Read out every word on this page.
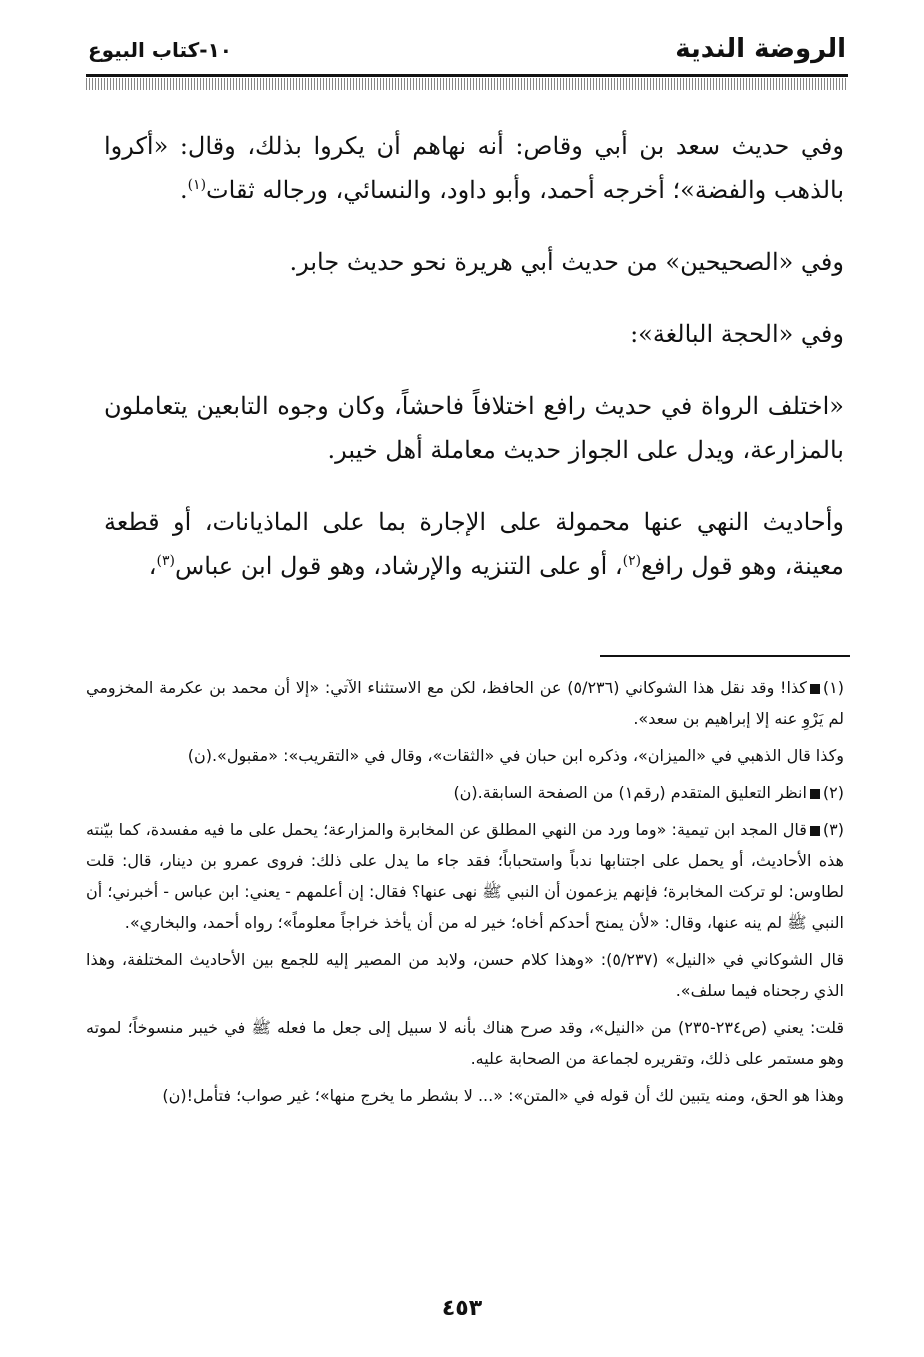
الروضة الندية
١٠-كتاب البيوع

وفي حديث سعد بن أبي وقاص: أنه نهاهم أن يكروا بذلك، وقال: «أكروا بالذهب والفضة»؛ أخرجه أحمد، وأبو داود، والنسائي، ورجاله ثقات$^{(١)}$.

وفي «الصحيحين» من حديث أبي هريرة نحو حديث جابر.

وفي «الحجة البالغة»:

«اختلف الرواة في حديث رافع اختلافاً فاحشاً، وكان وجوه التابعين يتعاملون بالمزارعة، ويدل على الجواز حديث معاملة أهل خيبر.

وأحاديث النهي عنها محمولة على الإجارة بما على الماذيانات، أو قطعة معينة، وهو قول رافع$^{(٢)}$، أو على التنزيه والإرشاد، وهو قول ابن عباس$^{(٣)}$،

(١)كذا! وقد نقل هذا الشوكاني (٥/٢٣٦) عن الحافظ، لكن مع الاستثناء الآتي: «إلا أن محمد بن عكرمة المخزومي لم يَرْوِ عنه إلا إبراهيم بن سعد».

وكذا قال الذهبي في «الميزان»، وذكره ابن حبان في «الثقات»، وقال في «التقريب»: «مقبول».(ن)

(٢)انظر التعليق المتقدم (رقم١) من الصفحة السابقة.(ن)

(٣)قال المجد ابن تيمية: «وما ورد من النهي المطلق عن المخابرة والمزارعة؛ يحمل على ما فيه مفسدة، كما بيّنته هذه الأحاديث، أو يحمل على اجتنابها ندباً واستحباباً؛ فقد جاء ما يدل على ذلك: فروى عمرو بن دينار، قال: قلت لطاوس: لو تركت المخابرة؛ فإنهم يزعمون أن النبي ﷺ نهى عنها؟ فقال: إن أعلمهم - يعني: ابن عباس - أخبرني؛ أن النبي ﷺ لم ينه عنها، وقال: «لأن يمنح أحدكم أخاه؛ خير له من أن يأخذ خراجاً معلوماً»؛ رواه أحمد، والبخاري».

قال الشوكاني في «النيل» (٥/٢٣٧): «وهذا كلام حسن، ولابد من المصير إليه للجمع بين الأحاديث المختلفة، وهذا الذي رجحناه فيما سلف».

قلت: يعني (ص٢٣٤-٢٣٥) من «النيل»، وقد صرح هناك بأنه لا سبيل إلى جعل ما فعله ﷺ في خيبر منسوخاً؛ لموته وهو مستمر على ذلك، وتقريره لجماعة من الصحابة عليه.

وهذا هو الحق، ومنه يتبين لك أن قوله في «المتن»: «... لا بشطر ما يخرج منها»؛ غير صواب؛ فتأمل!(ن)

٤٥٣
